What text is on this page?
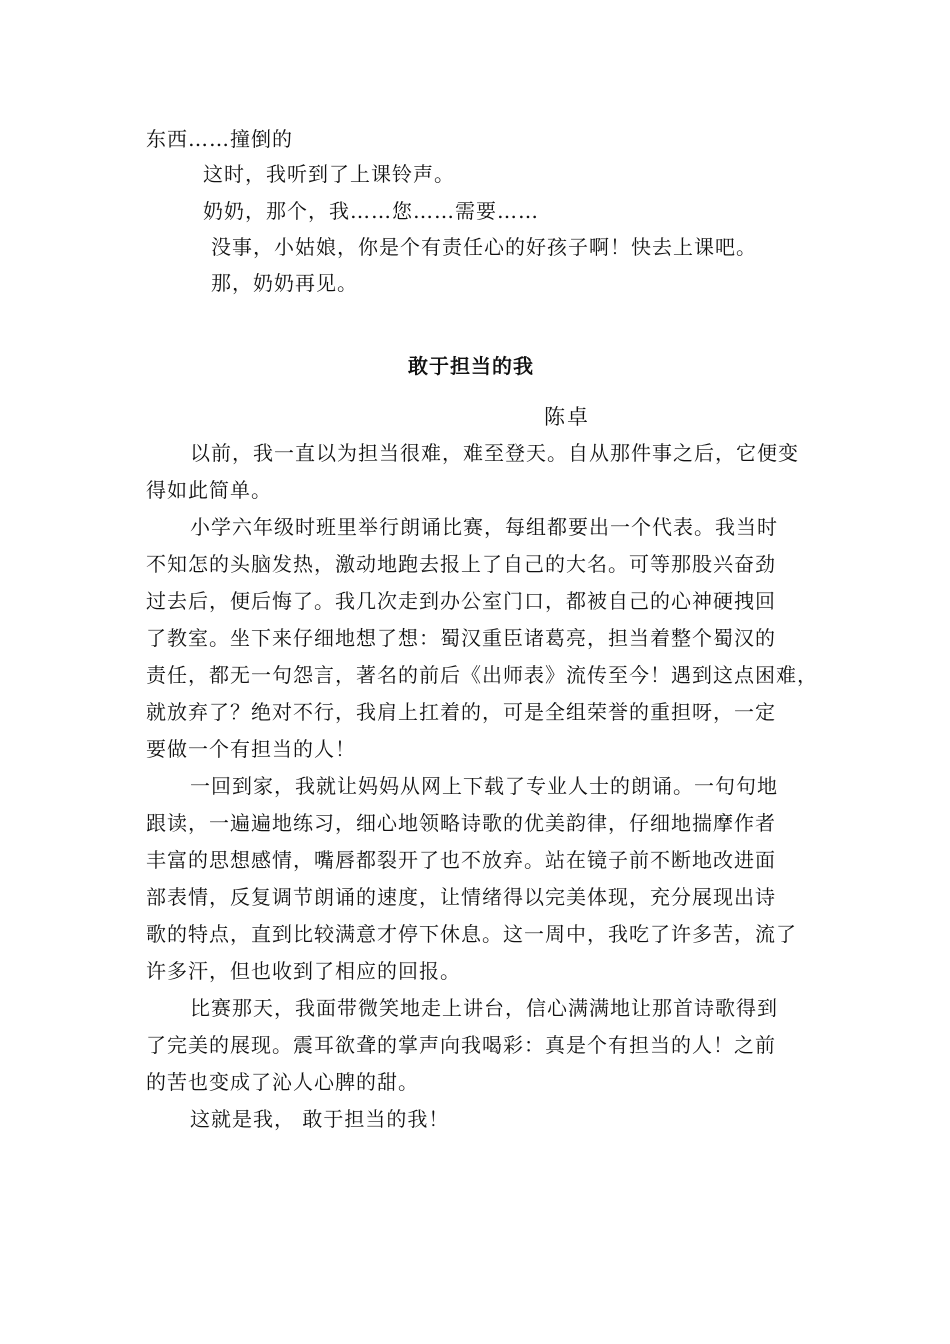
东西……撞倒的
这时，我听到了上课铃声。
奶奶，那个，我……您……需要……
没事，小姑娘，你是个有责任心的好孩子啊！快去上课吧。
那，奶奶再见。
敢于担当的我
陈卓
以前，我一直以为担当很难，难至登天。自从那件事之后，它便变
得如此简单。
小学六年级时班里举行朗诵比赛，每组都要出一个代表。我当时
不知怎的头脑发热，激动地跑去报上了自己的大名。可等那股兴奋劲
过去后，便后悔了。我几次走到办公室门口，都被自己的心神硬拽回
了教室。坐下来仔细地想了想：蜀汉重臣诸葛亮，担当着整个蜀汉的
责任，都无一句怨言，著名的前后《出师表》流传至今！遇到这点困难，
就放弃了？绝对不行，我肩上扛着的，可是全组荣誉的重担呀，一定
要做一个有担当的人！
一回到家，我就让妈妈从网上下载了专业人士的朗诵。一句句地
跟读，一遍遍地练习，细心地领略诗歌的优美韵律，仔细地揣摩作者
丰富的思想感情，嘴唇都裂开了也不放弃。站在镜子前不断地改进面
部表情，反复调节朗诵的速度，让情绪得以完美体现，充分展现出诗
歌的特点，直到比较满意才停下休息。这一周中，我吃了许多苦，流了
许多汗，但也收到了相应的回报。
比赛那天，我面带微笑地走上讲台，信心满满地让那首诗歌得到
了完美的展现。震耳欲聋的掌声向我喝彩：真是个有担当的人！之前
的苦也变成了沁人心脾的甜。
这就是我， 敢于担当的我！
